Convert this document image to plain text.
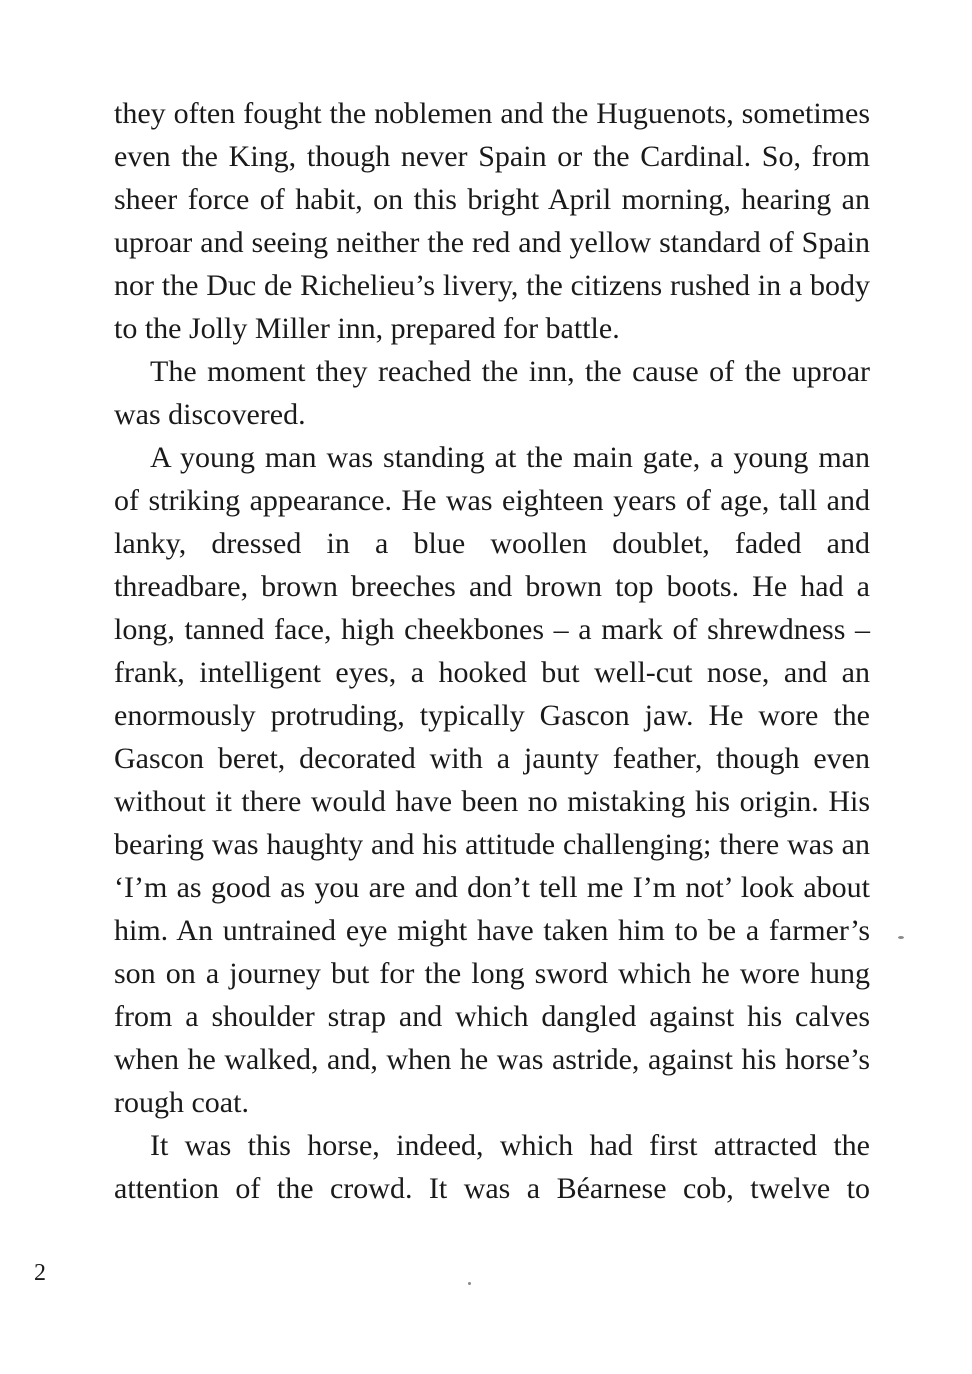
they often fought the noblemen and the Huguenots, sometimes even the King, though never Spain or the Cardinal. So, from sheer force of habit, on this bright April morning, hearing an uproar and seeing neither the red and yellow standard of Spain nor the Duc de Richelieu’s livery, the citizens rushed in a body to the Jolly Miller inn, prepared for battle.

The moment they reached the inn, the cause of the uproar was discovered.

A young man was standing at the main gate, a young man of striking appearance. He was eighteen years of age, tall and lanky, dressed in a blue woollen doublet, faded and threadbare, brown breeches and brown top boots. He had a long, tanned face, high cheekbones – a mark of shrewdness – frank, intelligent eyes, a hooked but well-cut nose, and an enormously protruding, typically Gascon jaw. He wore the Gascon beret, decorated with a jaunty feather, though even without it there would have been no mistaking his origin. His bearing was haughty and his attitude challenging; there was an ‘I’m as good as you are and don’t tell me I’m not’ look about him. An untrained eye might have taken him to be a farmer’s son on a journey but for the long sword which he wore hung from a shoulder strap and which dangled against his calves when he walked, and, when he was astride, against his horse’s rough coat.

It was this horse, indeed, which had first attracted the attention of the crowd. It was a Béarnese cob, twelve to

2
